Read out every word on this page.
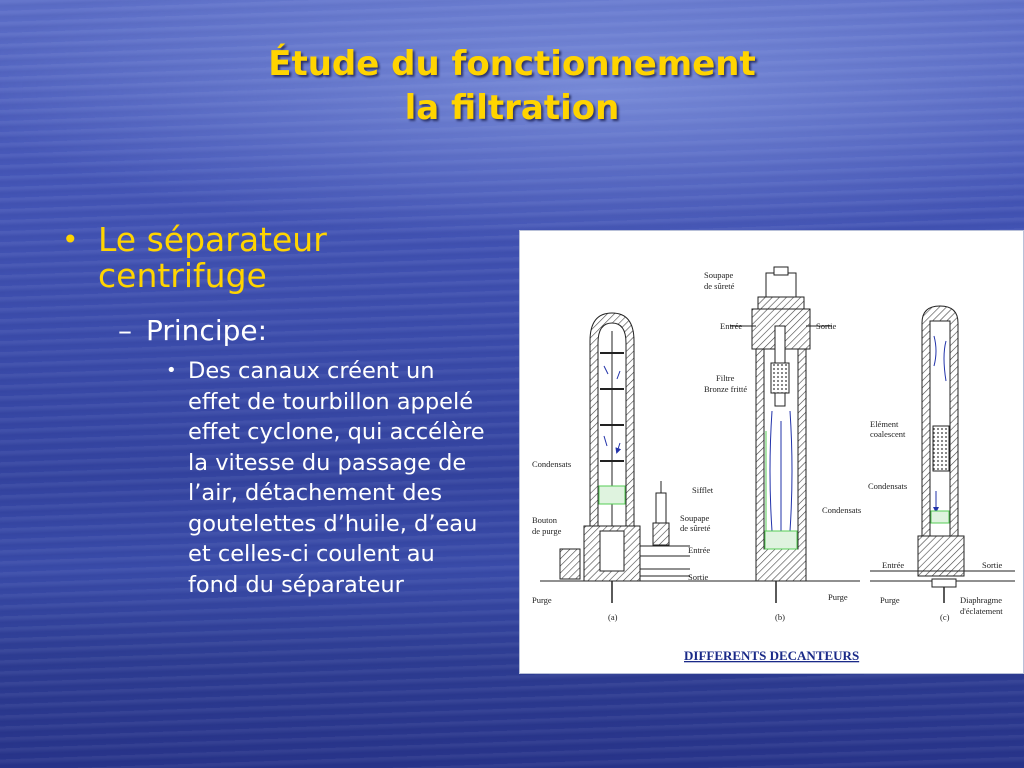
Étude du fonctionnement
la filtration
• Le séparateur centrifuge
– Principe:
• Des canaux créent un effet de tourbillon appelé effet cyclone, qui accélère la vitesse du passage de l’air, détachement des goutelettes d’huile, d’eau et celles-ci coulent au fond du séparateur
Soupape
de sûreté
Entrée	Sortie
Filtre
Bronze fritté
Condensats
Sifflet
Bouton
de purge
Soupape
de sûreté
Entrée
Sortie
Purge
(a)
Condensats
Purge
(b)
Elément
coalescent
Condensats
Entrée	Sortie
Purge	Diaphragme
d'éclatement
(c)
DIFFERENTS DECANTEURS
